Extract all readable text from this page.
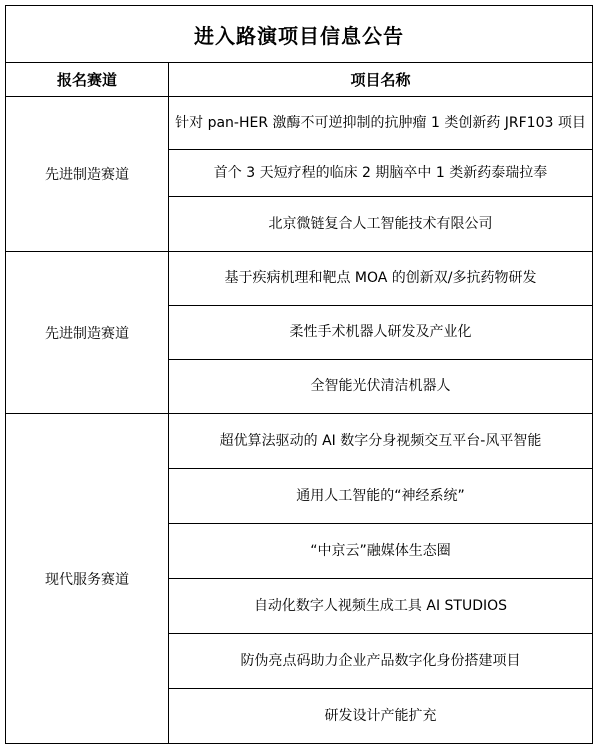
进入路演项目信息公告	
报名赛道	项目名称
先进制造赛道	针对 pan-HER 激酶不可逆抑制的抗肿瘤 1 类创新药 JRF103 项目
	首个 3 天短疗程的临床 2 期脑卒中 1 类新药泰瑞拉奉
	北京微链复合人工智能技术有限公司
先进制造赛道	基于疾病机理和靶点 MOA 的创新双/多抗药物研发
	柔性手术机器人研发及产业化
	全智能光伏清洁机器人
现代服务赛道	超优算法驱动的 AI 数字分身视频交互平台-风平智能
	通用人工智能的“神经系统”
	“中京云”融媒体生态圈
	自动化数字人视频生成工具 AI STUDIOS
	防伪亮点码助力企业产品数字化身份搭建项目
	研发设计产能扩充
